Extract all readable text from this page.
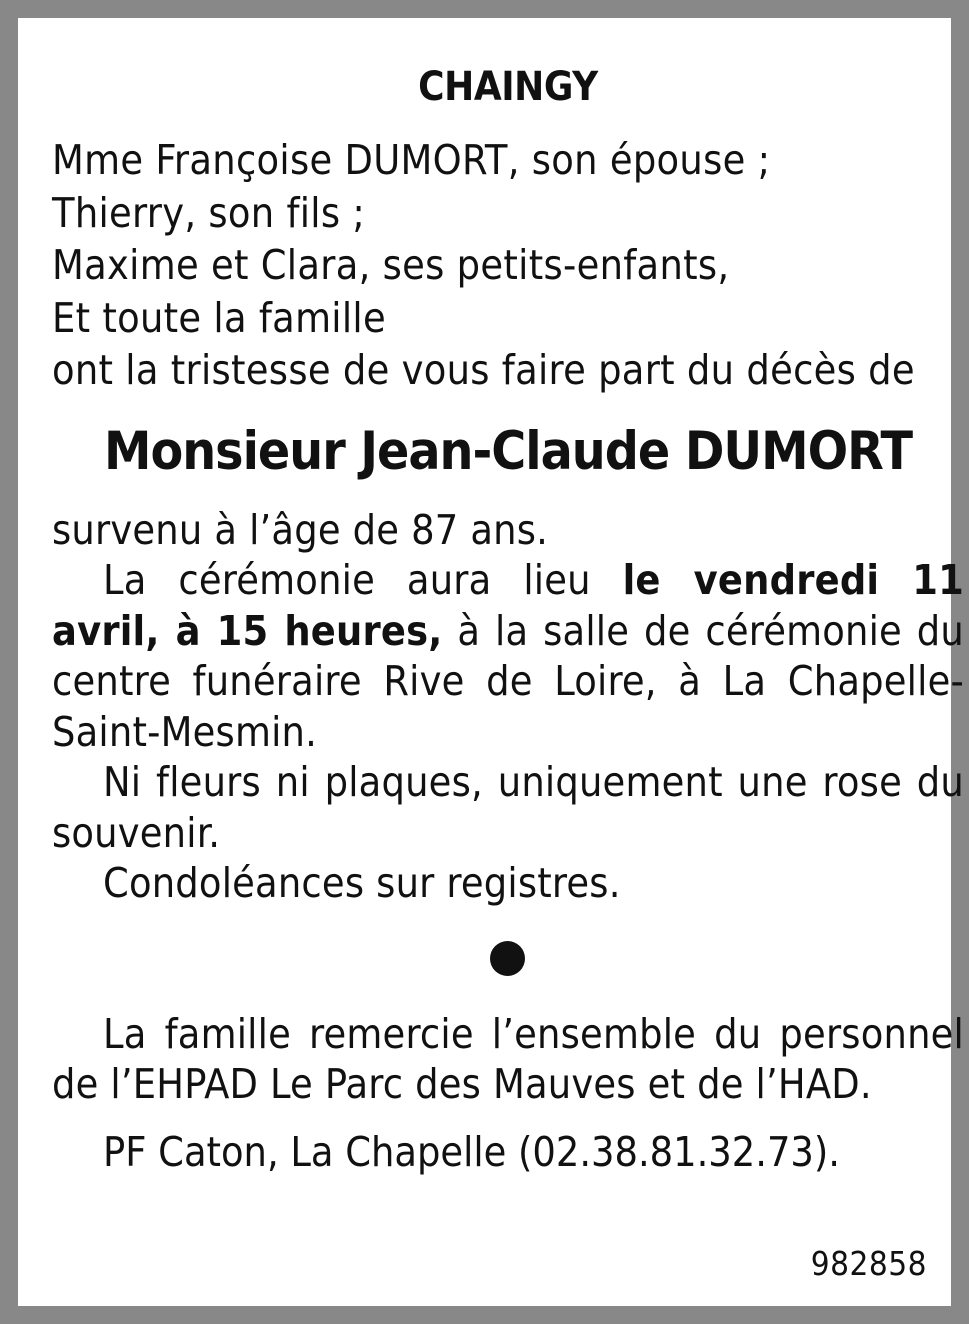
CHAINGY
Mme Françoise DUMORT, son épouse ;
Thierry, son fils ;
Maxime et Clara, ses petits-enfants,
Et toute la famille
ont la tristesse de vous faire part du décès de
Monsieur Jean-Claude DUMORT
survenu à l’âge de 87 ans.
La cérémonie aura lieu le vendredi 11 avril, à 15 heures, à la salle de cérémonie du centre funéraire Rive de Loire, à La Chapelle-Saint-Mesmin.
Ni fleurs ni plaques, uniquement une rose du souvenir.
Condoléances sur registres.
La famille remercie l’ensemble du personnel de l’EHPAD Le Parc des Mauves et de l’HAD.
PF Caton, La Chapelle (02.38.81.32.73).
982858
